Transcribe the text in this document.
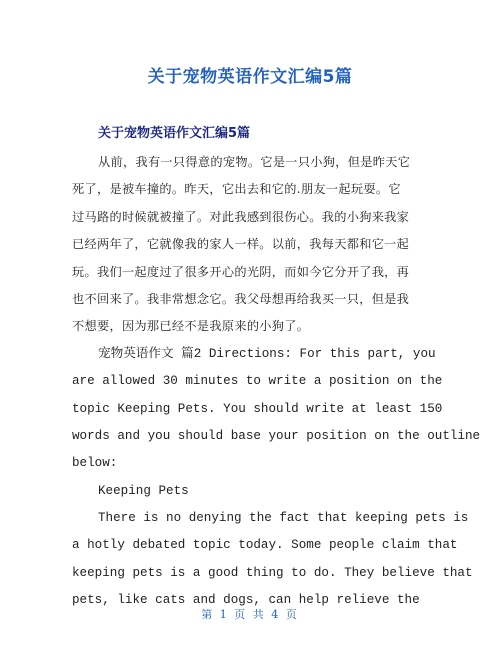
关于宠物英语作文汇编5篇
关于宠物英语作文汇编5篇
从前，我有一只得意的宠物。它是一只小狗，但是昨天它
死了，是被车撞的。昨天，它出去和它的.朋友一起玩耍。它
过马路的时候就被撞了。对此我感到很伤心。我的小狗来我家
已经两年了，它就像我的家人一样。以前，我每天都和它一起
玩。我们一起度过了很多开心的光阴，而如今它分开了我，再
也不回来了。我非常想念它。我父母想再给我买一只，但是我
不想要，因为那已经不是我原来的小狗了。
宠物英语作文 篇2 Directions: For this part, you
are allowed 30 minutes to write a position on the
topic Keeping Pets. You should write at least 150
words and you should base your position on the outline
below:
Keeping Pets
There is no denying the fact that keeping pets is
a hotly debated topic today. Some people claim that
keeping pets is a good thing to do. They believe that
pets, like cats and dogs, can help relieve the
第 1 页 共 4 页
